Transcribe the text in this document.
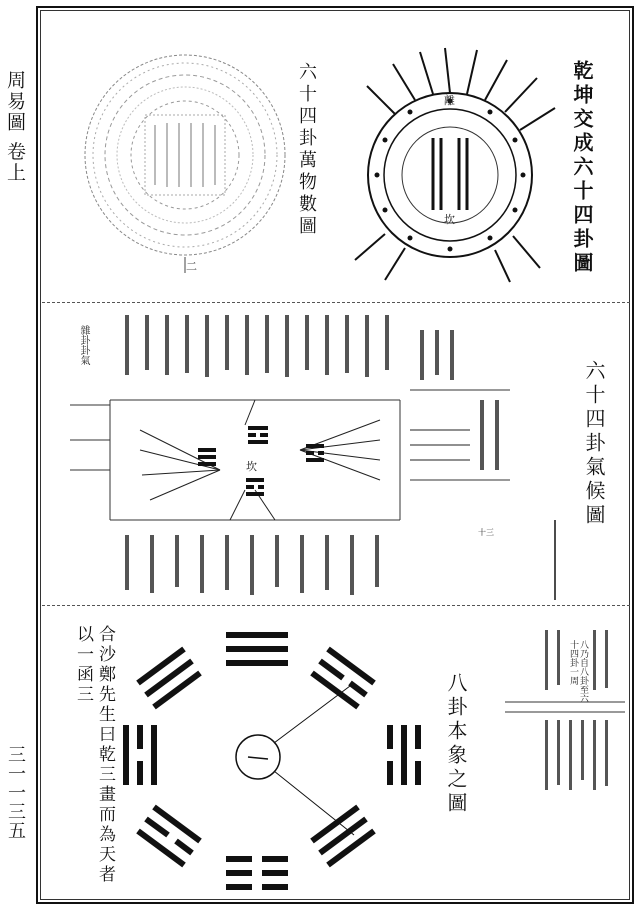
周易圖 卷上
三一一三五
二
六十四卦萬物數圖	離
坎	乾坤交成六十四卦圖
雜卦卦氣
坎
十三
六十四卦氣候圖
合沙鄭先生曰乾三畫而為天者以一函三
八卦本象之圖
八乃自八卦至六十四卦一周
